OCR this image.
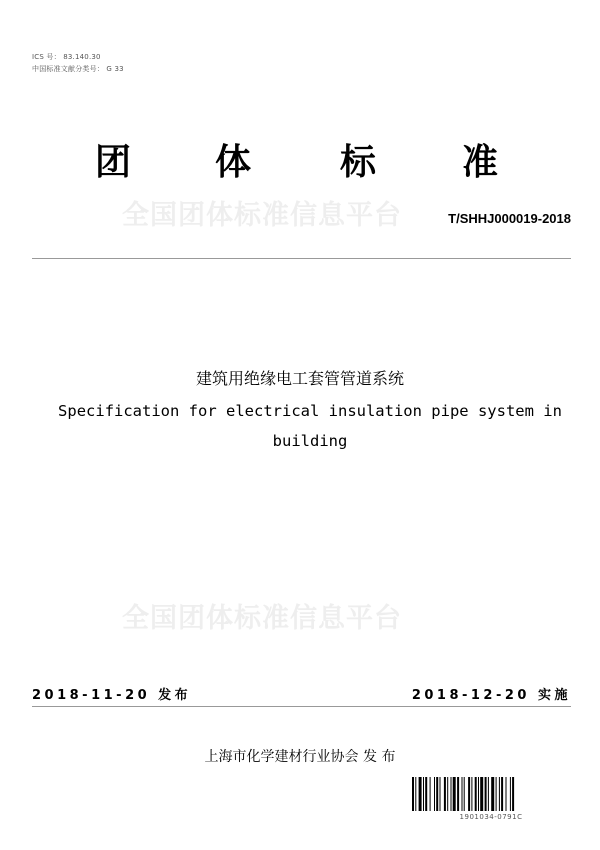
ICS 号： 83.140.30
中国标准文献分类号： G 33
团 体 标 准
全国团体标准信息平台	T/SHHJ000019-2018
建筑用绝缘电工套管管道系统
Specification for electrical insulation pipe system in building
全国团体标准信息平台
2018-11-20 发布	2018-12-20 实施
上海市化学建材行业协会 发 布
1901034-0791C
